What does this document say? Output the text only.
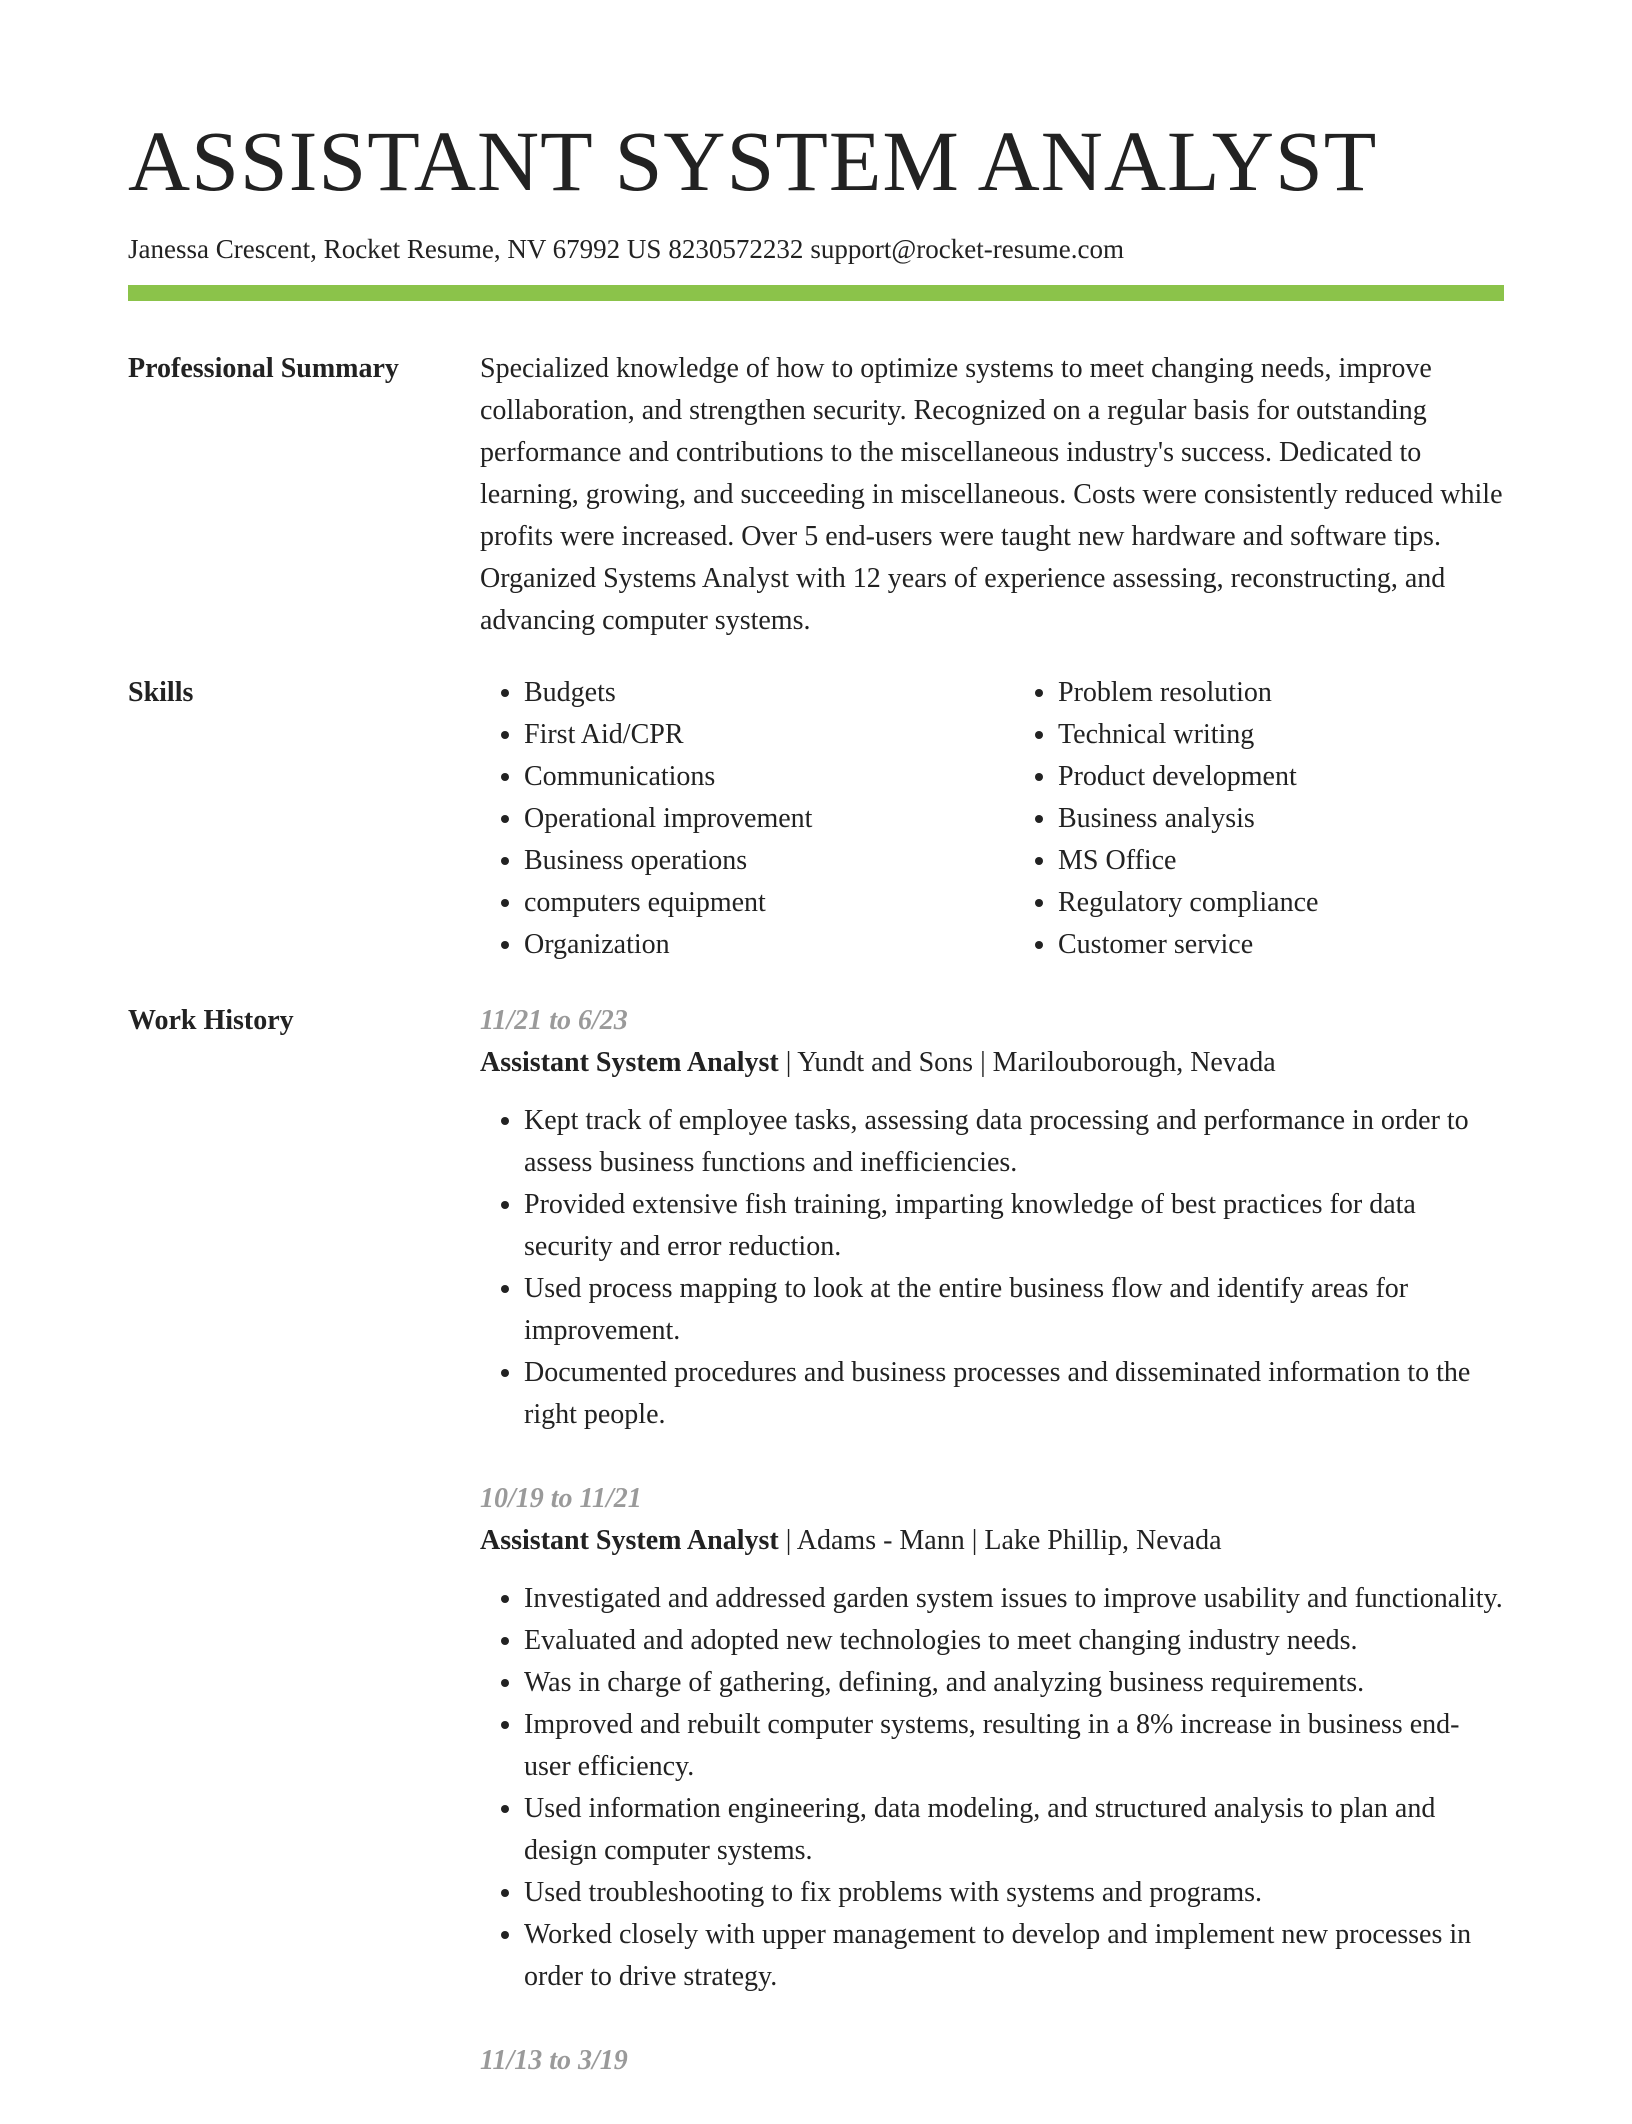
ASSISTANT SYSTEM ANALYST
Janessa Crescent, Rocket Resume, NV 67992 US 8230572232 support@rocket-resume.com
Professional Summary	Specialized knowledge of how to optimize systems to meet changing needs, improve collaboration, and strengthen security. Recognized on a regular basis for outstanding performance and contributions to the miscellaneous industry's success. Dedicated to learning, growing, and succeeding in miscellaneous. Costs were consistently reduced while profits were increased. Over 5 end-users were taught new hardware and software tips. Organized Systems Analyst with 12 years of experience assessing, reconstructing, and advancing computer systems.

Skills
•	Budgets
• First Aid/CPR
• Communications
• Operational improvement
• Business operations
• computers equipment
• Organization
• Problem resolution
• Technical writing
• Product development
• Business analysis
• MS Office
• Regulatory compliance
• Customer service
Work History	11/21 to 6/23

Assistant System Analyst | Yundt and Sons | Marilouborough, Nevada

• Kept track of employee tasks, assessing data processing and performance in order to assess business functions and inefficiencies.
• Provided extensive fish training, imparting knowledge of best practices for data security and error reduction.
• Used process mapping to look at the entire business flow and identify areas for improvement.
• Documented procedures and business processes and disseminated information to the right people.

10/19 to 11/21

Assistant System Analyst | Adams - Mann | Lake Phillip, Nevada

• Investigated and addressed garden system issues to improve usability and functionality.
• Evaluated and adopted new technologies to meet changing industry needs.
• Was in charge of gathering, defining, and analyzing business requirements.
• Improved and rebuilt computer systems, resulting in a 8% increase in business end-user efficiency.
• Used information engineering, data modeling, and structured analysis to plan and design computer systems.
• Used troubleshooting to fix problems with systems and programs.
• Worked closely with upper management to develop and implement new processes in order to drive strategy.

11/13 to 3/19
